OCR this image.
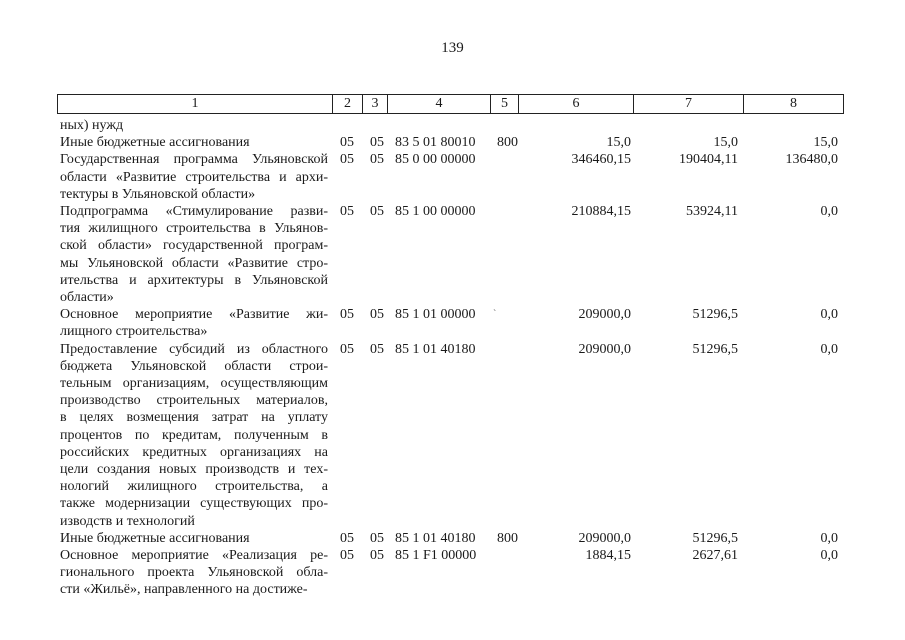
139
1	2	3	4	5	6	7	8
ных) нужд
Иные бюджетные ассигнования	05 05 83 5 01 80010 800	15,0	15,0	15,0
Государственная программа Ульяновской
области «Развитие строительства и архи-
тектуры в Ульяновской области»
05 05 85 0 00 00000	346460,15	190404,11	136480,0
Подпрограмма «Стимулирование разви-
тия жилищного строительства в Ульянов-
ской области» государственной програм-
мы Ульяновской области «Развитие стро-
ительства и архитектуры в Ульяновской
области»
05 05 85 1 00 00000	210884,15	53924,11	0,0
Основное мероприятие «Развитие жи-
лищного строительства»
05 05 85 1 01 00000	209000,0	51296,5	0,0
`
Предоставление субсидий из областного
бюджета Ульяновской области строи-
тельным организациям, осуществляющим
производство строительных материалов,
в целях возмещения затрат на уплату
процентов по кредитам, полученным в
российских кредитных организациях на
цели создания новых производств и тех-
нологий жилищного строительства, а
также модернизации существующих про-
изводств и технологий
05 05 85 1 01 40180	209000,0	51296,5	0,0
Иные бюджетные ассигнования	05 05 85 1 01 40180 800	209000,0	51296,5	0,0
Основное мероприятие «Реализация ре-
гионального проекта Ульяновской обла-
сти «Жильё», направленного на достиже-
05 05 85 1 F1 00000	1884,15	2627,61	0,0
